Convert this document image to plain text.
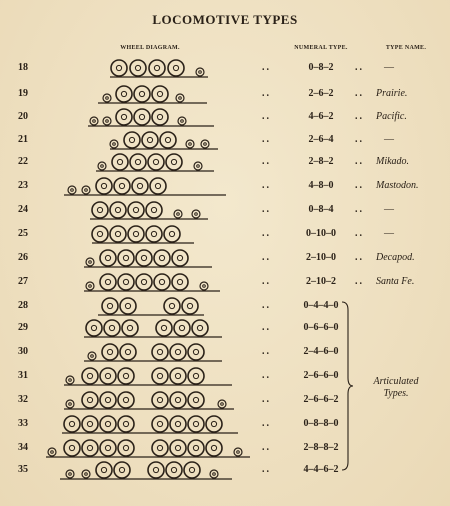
LOCOMOTIVE TYPES
WHEEL DIAGRAM.	NUMERAL TYPE.	TYPE NAME.
18	..	0–8–2	.. —
19	..	2–6–2	.. Prairie.
20	..	4–6–2	.. Pacific.
21	..	2–6–4	.. —
22	..	2–8–2	.. Mikado.
23	..	4–8–0	.. Mastodon.
24	..	0–8–4	.. —
25	..	0–10–0	.. —
26	..	2–10–0	.. Decapod.
27	..	2–10–2	.. Santa Fe.
28	..	0–4–4–0
29	..	0–6–6–0
30	..	2–4–6–0
31	..	2–6–6–0
32	..	2–6–6–2
33	..	0–8–8–0
34	..	2–8–8–2
35	..	4–4–6–2
Articulated
Types.
